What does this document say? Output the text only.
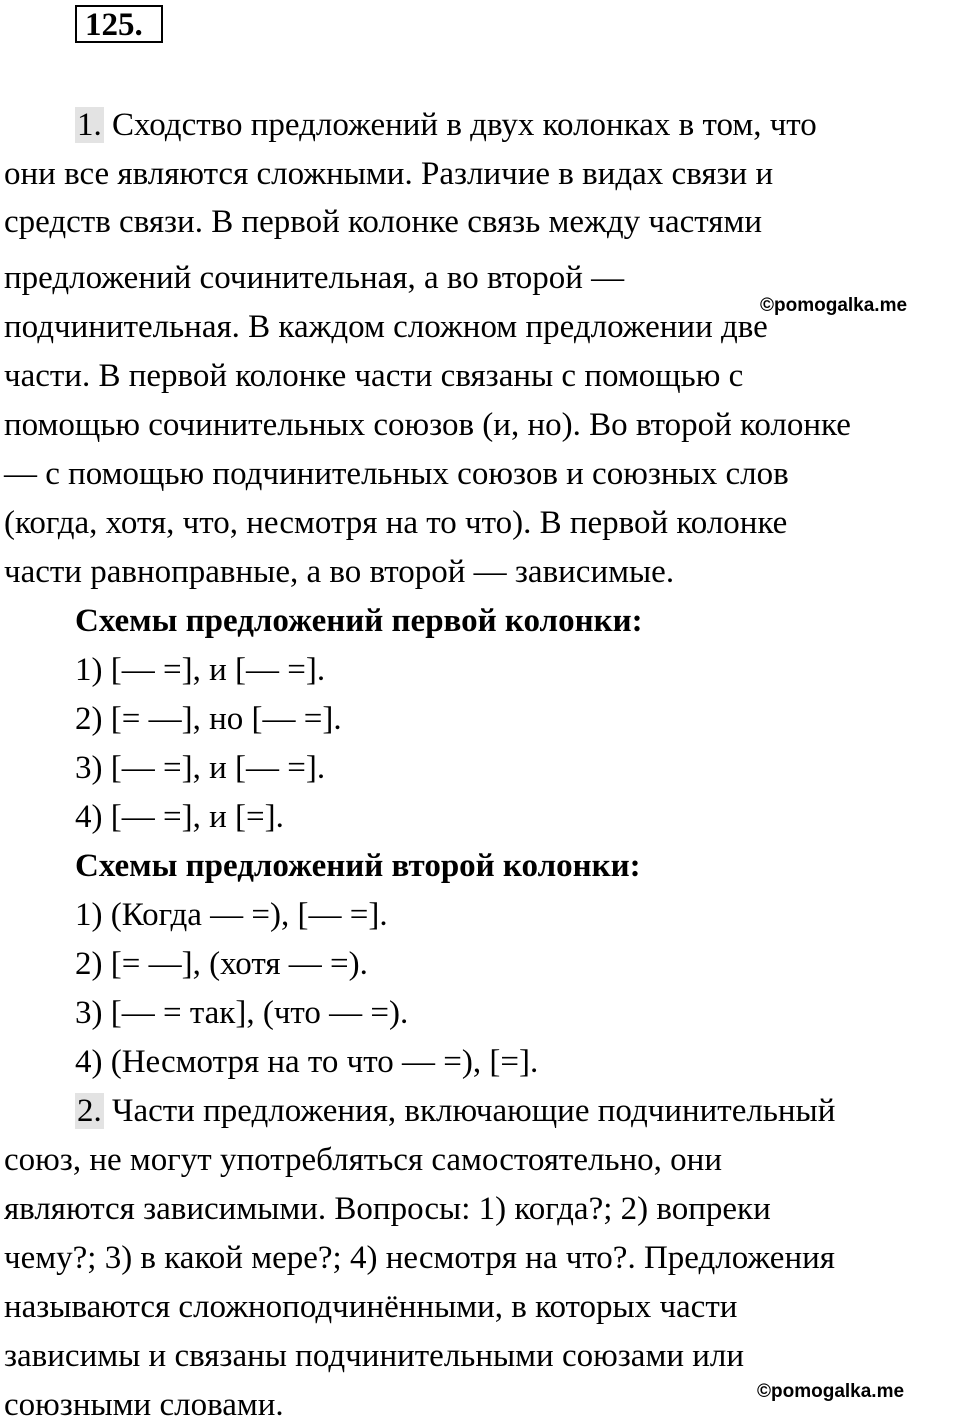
125.
1. Сходство предложений в двух колонках в том, что
они все являются сложными. Различие в видах связи и
средств связи. В первой колонке связь между частями
предложений сочинительная, а во второй —
подчинительная. В каждом сложном предложении две
части. В первой колонке части связаны с помощью с
помощью сочинительных союзов (и, но). Во второй колонке
— с помощью подчинительных союзов и союзных слов
(когда, хотя, что, несмотря на то что). В первой колонке
части равноправные, а во второй — зависимые.
Схемы предложений первой колонки:
1) [— =], и [— =].
2) [= —], но [— =].
3) [— =], и [— =].
4) [— =], и [=].
Схемы предложений второй колонки:
1) (Когда — =), [— =].
2) [= —], (хотя — =).
3) [— = так], (что — =).
4) (Несмотря на то что — =), [=].
2. Части предложения, включающие подчинительный
союз, не могут употребляться самостоятельно, они
являются зависимыми. Вопросы: 1) когда?; 2) вопреки
чему?; 3) в какой мере?; 4) несмотря на что?. Предложения
называются сложноподчинёнными, в которых части
зависимы и связаны подчинительными союзами или
союзными словами.
©pomogalka.me
©pomogalka.me
